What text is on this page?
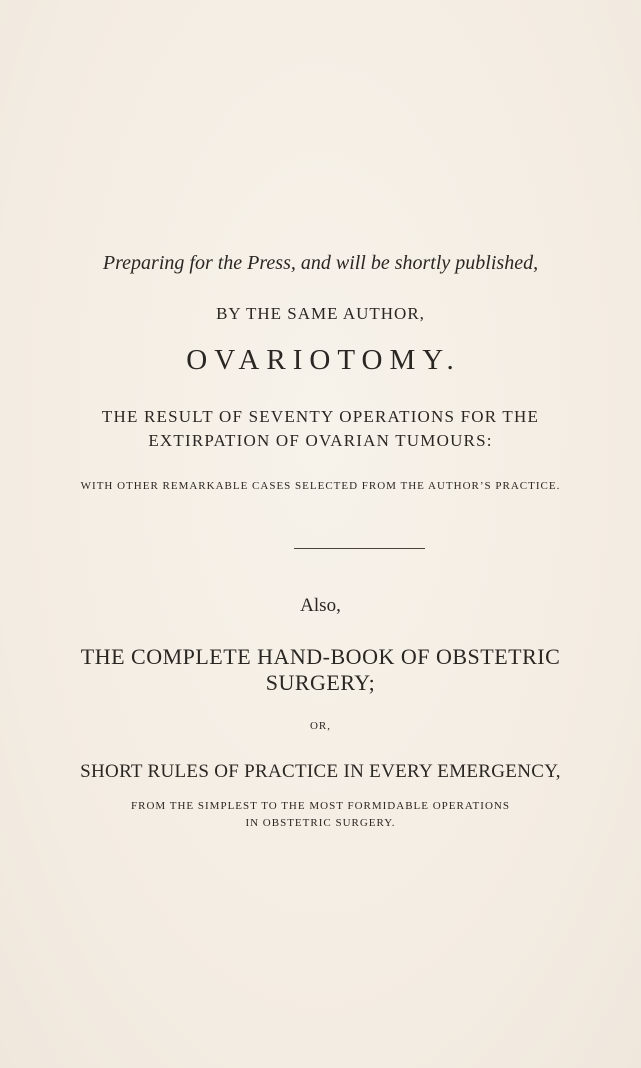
Preparing for the Press, and will be shortly published,
BY THE SAME AUTHOR,
OVARIOTOMY.
THE RESULT OF SEVENTY OPERATIONS FOR THE
EXTIRPATION OF OVARIAN TUMOURS:
WITH OTHER REMARKABLE CASES SELECTED FROM THE AUTHOR’S PRACTICE.
Also,
THE COMPLETE HAND-BOOK OF OBSTETRIC
SURGERY;
OR,
SHORT RULES OF PRACTICE IN EVERY EMERGENCY,
FROM THE SIMPLEST TO THE MOST FORMIDABLE OPERATIONS
IN OBSTETRIC SURGERY.
